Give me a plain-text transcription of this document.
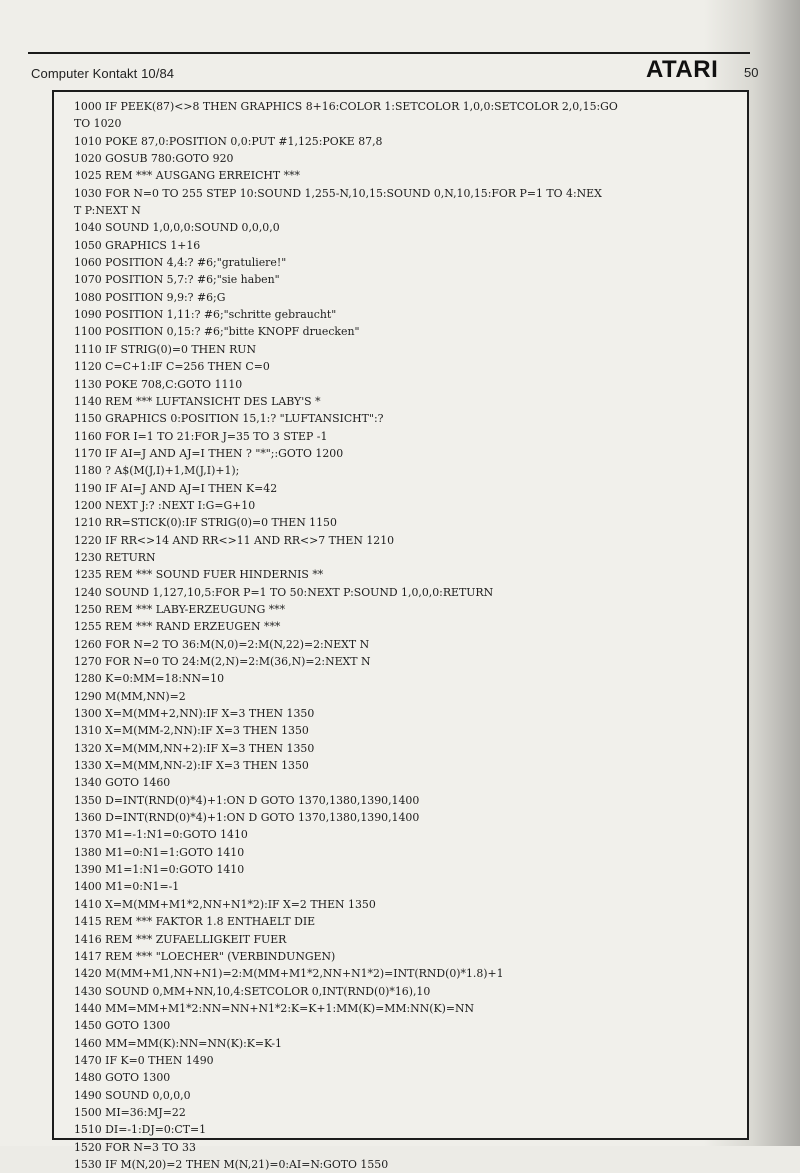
Computer Kontakt 10/84	ATARI 50
1000 IF PEEK(87)<>8 THEN GRAPHICS 8+16:COLOR 1:SETCOLOR 1,0,0:SETCOLOR 2,0,15:GO
TO 1020
1010 POKE 87,0:POSITION 0,0:PUT #1,125:POKE 87,8
1020 GOSUB 780:GOTO 920
1025 REM *** AUSGANG ERREICHT ***
1030 FOR N=0 TO 255 STEP 10:SOUND 1,255-N,10,15:SOUND 0,N,10,15:FOR P=1 TO 4:NEX
T P:NEXT N
1040 SOUND 1,0,0,0:SOUND 0,0,0,0
1050 GRAPHICS 1+16
1060 POSITION 4,4:? #6;"gratuliere!"
1070 POSITION 5,7:? #6;"sie haben"
1080 POSITION 9,9:? #6;G
1090 POSITION 1,11:? #6;"schritte gebraucht"
1100 POSITION 0,15:? #6;"bitte KNOPF druecken"
1110 IF STRIG(0)=0 THEN RUN
1120 C=C+1:IF C=256 THEN C=0
1130 POKE 708,C:GOTO 1110
1140 REM *** LUFTANSICHT DES LABY'S *
1150 GRAPHICS 0:POSITION 15,1:? "LUFTANSICHT":?
1160 FOR I=1 TO 21:FOR J=35 TO 3 STEP -1
1170 IF AI=J AND AJ=I THEN ? "*";:GOTO 1200
1180 ? A$(M(J,I)+1,M(J,I)+1);
1190 IF AI=J AND AJ=I THEN K=42
1200 NEXT J:? :NEXT I:G=G+10
1210 RR=STICK(0):IF STRIG(0)=0 THEN 1150
1220 IF RR<>14 AND RR<>11 AND RR<>7 THEN 1210
1230 RETURN
1235 REM *** SOUND FUER HINDERNIS **
1240 SOUND 1,127,10,5:FOR P=1 TO 50:NEXT P:SOUND 1,0,0,0:RETURN
1250 REM *** LABY-ERZEUGUNG ***
1255 REM *** RAND ERZEUGEN ***
1260 FOR N=2 TO 36:M(N,0)=2:M(N,22)=2:NEXT N
1270 FOR N=0 TO 24:M(2,N)=2:M(36,N)=2:NEXT N
1280 K=0:MM=18:NN=10
1290 M(MM,NN)=2
1300 X=M(MM+2,NN):IF X=3 THEN 1350
1310 X=M(MM-2,NN):IF X=3 THEN 1350
1320 X=M(MM,NN+2):IF X=3 THEN 1350
1330 X=M(MM,NN-2):IF X=3 THEN 1350
1340 GOTO 1460
1350 D=INT(RND(0)*4)+1:ON D GOTO 1370,1380,1390,1400
1360 D=INT(RND(0)*4)+1:ON D GOTO 1370,1380,1390,1400
1370 M1=-1:N1=0:GOTO 1410
1380 M1=0:N1=1:GOTO 1410
1390 M1=1:N1=0:GOTO 1410
1400 M1=0:N1=-1
1410 X=M(MM+M1*2,NN+N1*2):IF X=2 THEN 1350
1415 REM *** FAKTOR 1.8 ENTHAELT DIE
1416 REM *** ZUFAELLIGKEIT FUER
1417 REM *** "LOECHER" (VERBINDUNGEN)
1420 M(MM+M1,NN+N1)=2:M(MM+M1*2,NN+N1*2)=INT(RND(0)*1.8)+1
1430 SOUND 0,MM+NN,10,4:SETCOLOR 0,INT(RND(0)*16),10
1440 MM=MM+M1*2:NN=NN+N1*2:K=K+1:MM(K)=MM:NN(K)=NN
1450 GOTO 1300
1460 MM=MM(K):NN=NN(K):K=K-1
1470 IF K=0 THEN 1490
1480 GOTO 1300
1490 SOUND 0,0,0,0
1500 MI=36:MJ=22
1510 DI=-1:DJ=0:CT=1
1520 FOR N=3 TO 33
1530 IF M(N,20)=2 THEN M(N,21)=0:AI=N:GOTO 1550
